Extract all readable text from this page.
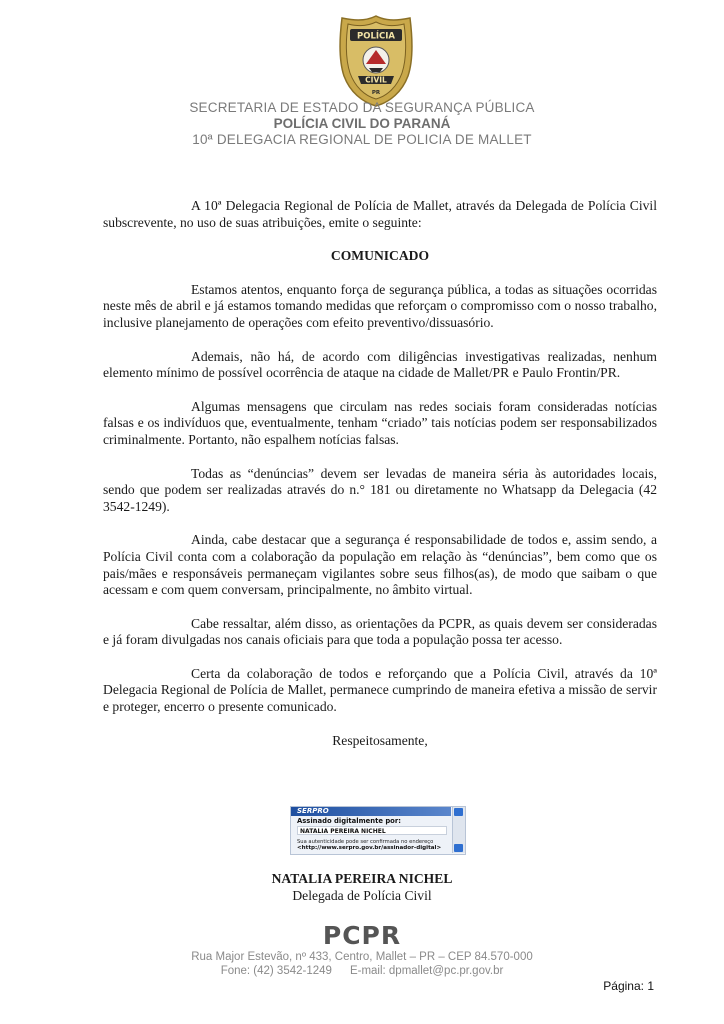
POLÍCIA
CIVIL
PR
SECRETARIA DE ESTADO DA SEGURANÇA PÚBLICA
POLÍCIA CIVIL DO PARANÁ
10ª DELEGACIA REGIONAL DE POLICIA DE MALLET

A 10ª Delegacia Regional de Polícia de Mallet, através da Delegada de Polícia Civil subscrevente, no uso de suas atribuições, emite o seguinte:

COMUNICADO

Estamos atentos, enquanto força de segurança pública, a todas as situações ocorridas neste mês de abril e já estamos tomando medidas que reforçam o compromisso com o nosso trabalho, inclusive planejamento de operações com efeito preventivo/dissuasório.

Ademais, não há, de acordo com diligências investigativas realizadas, nenhum elemento mínimo de possível ocorrência de ataque na cidade de Mallet/PR e Paulo Frontin/PR.

Algumas mensagens que circulam nas redes sociais foram consideradas notícias falsas e os indivíduos que, eventualmente, tenham “criado” tais notícias podem ser responsabilizados criminalmente. Portanto, não espalhem notícias falsas.

Todas as “denúncias” devem ser levadas de maneira séria às autoridades locais, sendo que podem ser realizadas através do n.° 181 ou diretamente no Whatsapp da Delegacia (42 3542-1249).

Ainda, cabe destacar que a segurança é responsabilidade de todos e, assim sendo, a Polícia Civil conta com a colaboração da população em relação às “denúncias”, bem como que os pais/mães e responsáveis permaneçam vigilantes sobre seus filhos(as), de modo que saibam o que acessam e com quem conversam, principalmente, no âmbito virtual.

Cabe ressaltar, além disso, as orientações da PCPR, as quais devem ser consideradas e já foram divulgadas nos canais oficiais para que toda a população possa ter acesso.

Certa da colaboração de todos e reforçando que a Polícia Civil, através da 10ª Delegacia Regional de Polícia de Mallet, permanece cumprindo de maneira efetiva a missão de servir e proteger, encerro o presente comunicado.

Respeitosamente,

SERPRO
Assinado digitalmente por:
NATALIA PEREIRA NICHEL
Sua autenticidade pode ser confirmada no endereço
<http://www.serpro.gov.br/assinador-digital>
NATALIA PEREIRA NICHEL
Delegada de Polícia Civil
PCPR
Rua Major Estevão, nº 433, Centro, Mallet – PR – CEP 84.570-000
Fone: (42) 3542-1249 E-mail: dpmallet@pc.pr.gov.br
Página: 1
